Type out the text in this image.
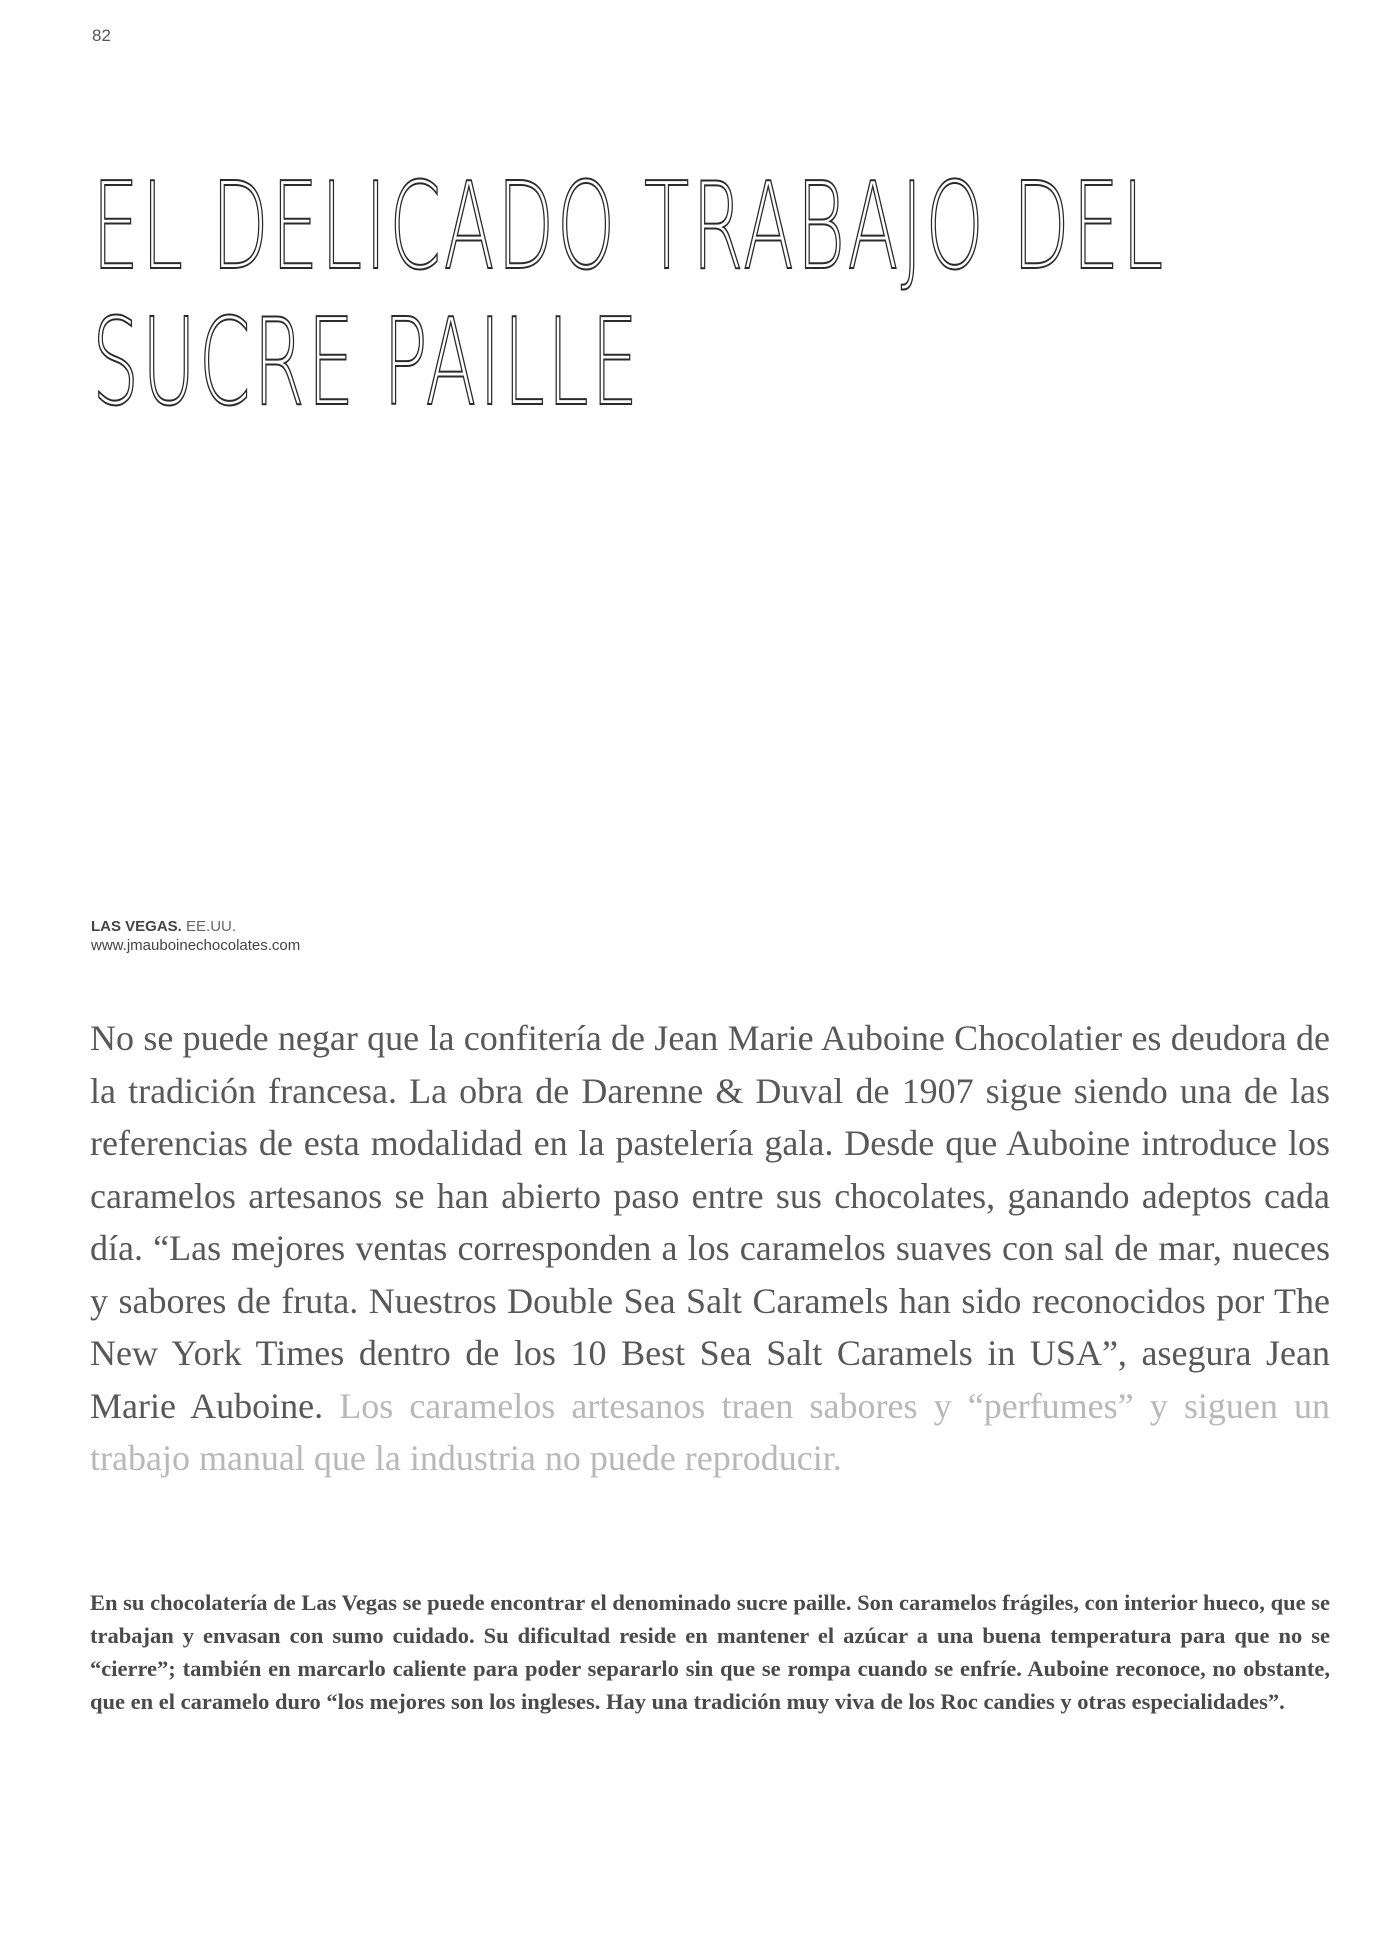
82
EL DELICADO TRABAJO DEL
SUCRE PAILLE
LAS VEGAS. EE.UU.
www.jmauboinechocolates.com

No se puede negar que la confitería de Jean Marie Auboine Chocolatier es deudora de la tradición francesa. La obra de Darenne & Duval de 1907 sigue siendo una de las referencias de esta modalidad en la pastelería gala. Desde que Auboine introduce los caramelos artesanos se han abierto paso entre sus chocolates, ganando adeptos cada día. “Las mejores ventas corresponden a los caramelos suaves con sal de mar, nueces y sabores de fruta. Nuestros Double Sea Salt Caramels han sido reconocidos por The New York Times dentro de los 10 Best Sea Salt Caramels in USA”, asegura Jean Marie Auboine. Los caramelos artesanos traen sabores y “perfumes” y siguen un trabajo manual que la industria no puede reproducir.

En su chocolatería de Las Vegas se puede encontrar el denominado sucre paille. Son caramelos frágiles, con interior hueco, que se trabajan y envasan con sumo cuidado. Su dificultad reside en mantener el azúcar a una buena temperatura para que no se “cierre”; también en marcarlo caliente para poder separarlo sin que se rompa cuando se enfríe. Auboine reconoce, no obstante, que en el caramelo duro “los mejores son los ingleses. Hay una tradición muy viva de los Roc candies y otras especialidades”.
